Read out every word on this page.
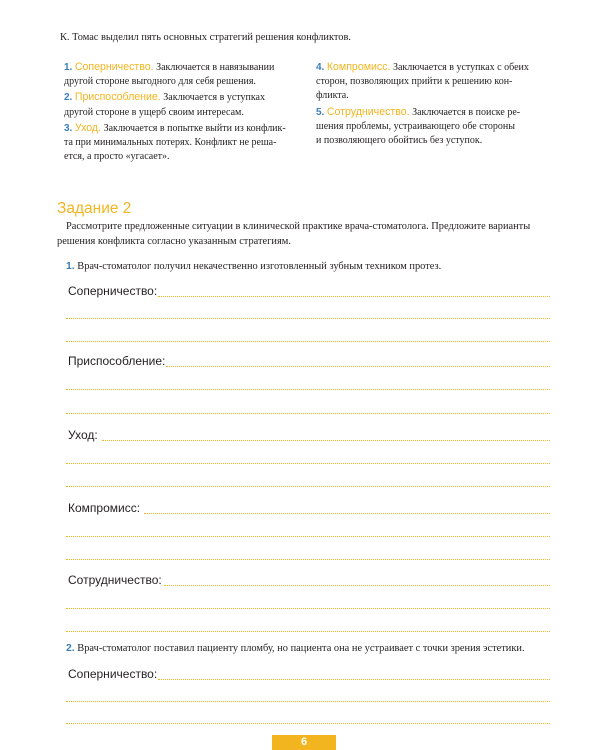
К. Томас выделил пять основных стратегий решения конфликтов.
1. Соперничество. Заключается в навязывании
другой стороне выгодного для себя решения.
2. Приспособление. Заключается в уступках
другой стороне в ущерб своим интересам.
3. Уход. Заключается в попытке выйти из конфлик-
та при минимальных потерях. Конфликт не реша-
ется, а просто «угасает».
4. Компромисс. Заключается в уступках с обеих
сторон, позволяющих прийти к решению кон-
фликта.
5. Сотрудничество. Заключается в поиске ре-
шения проблемы, устраивающего обе стороны
и позволяющего обойтись без уступок.
Задание 2
Рассмотрите предложенные ситуации в клинической практике врача-стоматолога. Предложите варианты
решения конфликта согласно указанным стратегиям.
1. Врач-стоматолог получил некачественно изготовленный зубным техником протез.
Соперничество:
Приспособление:
Уход:
Компромисс:
Сотрудничество:
2. Врач-стоматолог поставил пациенту пломбу, но пациента она не устраивает с точки зрения эстетики.
Соперничество:
6
